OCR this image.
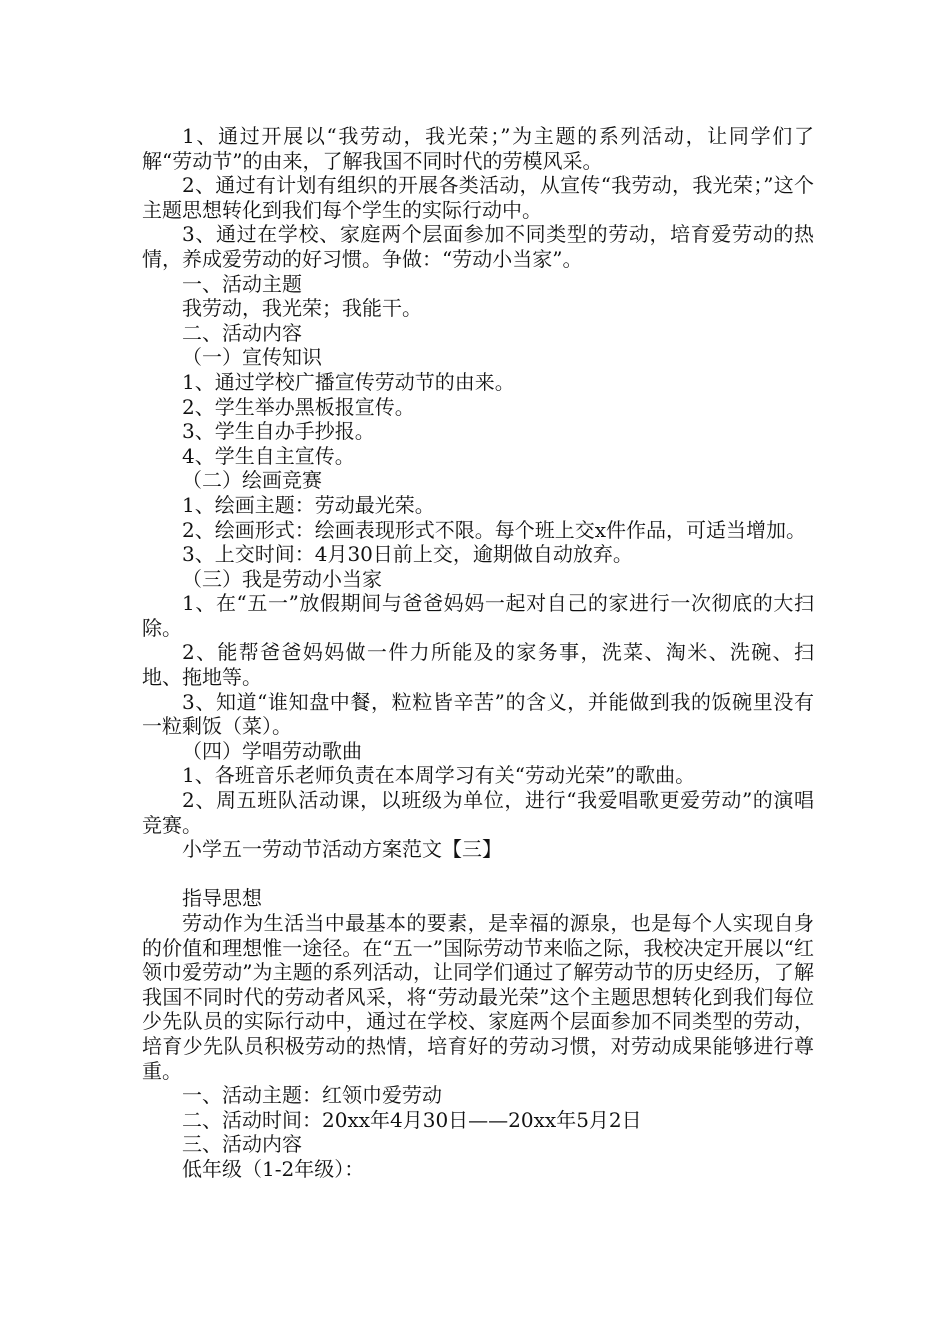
1、通过开展以“我劳动，我光荣；”为主题的系列活动，让同学们了解“劳动节”的由来，了解我国不同时代的劳模风采。

2、通过有计划有组织的开展各类活动，从宣传“我劳动，我光荣；”这个主题思想转化到我们每个学生的实际行动中。

3、通过在学校、家庭两个层面参加不同类型的劳动，培育爱劳动的热情，养成爱劳动的好习惯。争做：“劳动小当家”。

一、活动主题

我劳动，我光荣；我能干。

二、活动内容

（一）宣传知识

1、通过学校广播宣传劳动节的由来。

2、学生举办黑板报宣传。

3、学生自办手抄报。

4、学生自主宣传。

（二）绘画竞赛

1、绘画主题：劳动最光荣。

2、绘画形式：绘画表现形式不限。每个班上交x件作品，可适当增加。

3、上交时间：4月30日前上交，逾期做自动放弃。

（三）我是劳动小当家

1、在“五一”放假期间与爸爸妈妈一起对自己的家进行一次彻底的大扫除。

2、能帮爸爸妈妈做一件力所能及的家务事，洗菜、淘米、洗碗、扫地、拖地等。

3、知道“谁知盘中餐，粒粒皆辛苦”的含义，并能做到我的饭碗里没有一粒剩饭（菜）。

（四）学唱劳动歌曲

1、各班音乐老师负责在本周学习有关“劳动光荣”的歌曲。

2、周五班队活动课，以班级为单位，进行“我爱唱歌更爱劳动”的演唱竞赛。

小学五一劳动节活动方案范文【三】

指导思想

劳动作为生活当中最基本的要素，是幸福的源泉，也是每个人实现自身的价值和理想惟一途径。在“五一”国际劳动节来临之际，我校决定开展以“红领巾爱劳动”为主题的系列活动，让同学们通过了解劳动节的历史经历，了解我国不同时代的劳动者风采，将“劳动最光荣”这个主题思想转化到我们每位少先队员的实际行动中，通过在学校、家庭两个层面参加不同类型的劳动，培育少先队员积极劳动的热情，培育好的劳动习惯，对劳动成果能够进行尊重。

一、活动主题：红领巾爱劳动

二、活动时间：20xx年4月30日——20xx年5月2日

三、活动内容

低年级（1-2年级）：
